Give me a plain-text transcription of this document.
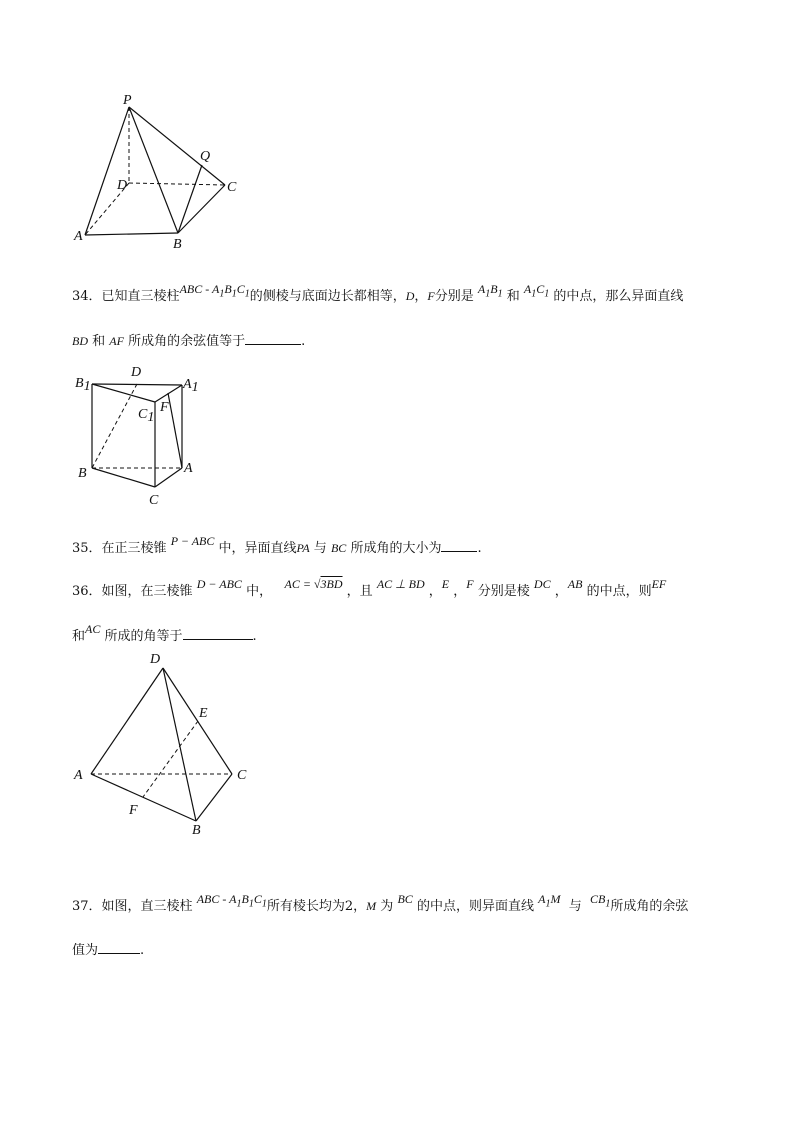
P
Q
D	C
A
B
34．已知直三棱柱ABC - $A_1B_1C_1$的侧棱与底面边长都相等，D，F分别是 $A_1B_1$ 和 $A_1C_1$ 的中点，那么异面直线
BD 和 AF 所成角的余弦值等于	.
B1
D
A1
C1
F
B	A
C
35．在正三棱锥 P − ABC 中，异面直线PA 与 BC 所成角的大小为	.
36．如图，在三棱锥 D − ABC 中， AC = √3BD ，且 AC ⊥ BD ，E ，F 分别是棱 DC ，AB 的中点，则EF
和AC 所成的角等于	.
D
E
A	C
F
B
37．如图，直三棱柱 ABC - $A_1B_1C_1$所有棱长均为2，M 为 BC 的中点，则异面直线 $A_1M$ 与 $CB_1$所成角的余弦
值为	.
